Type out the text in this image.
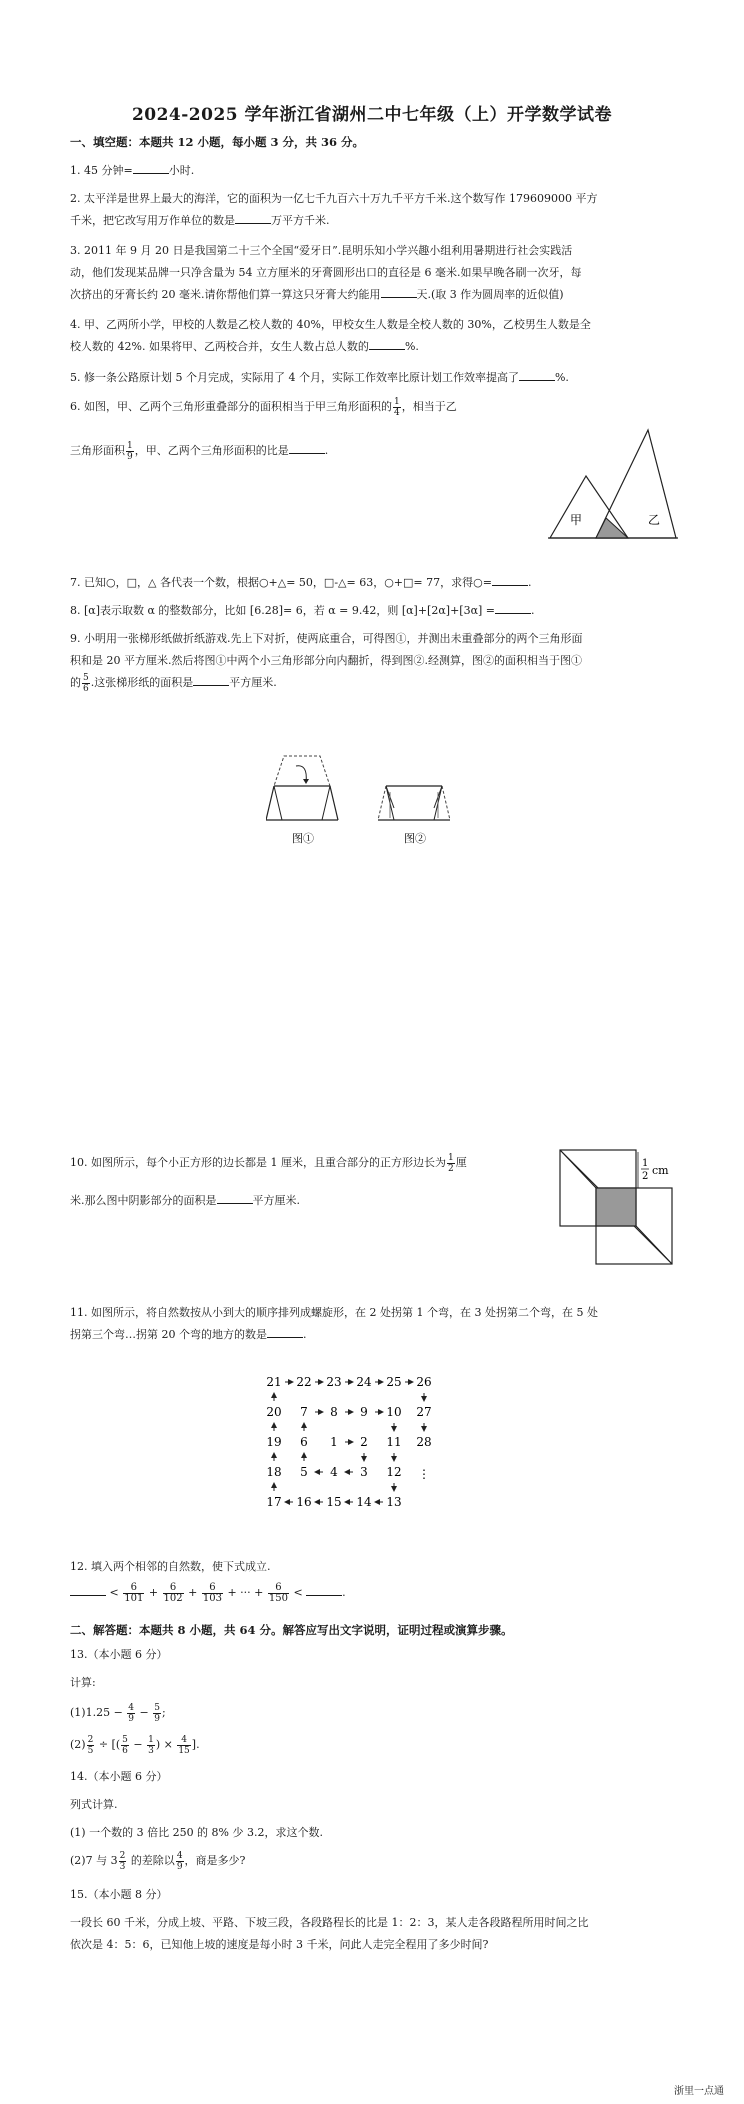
2024-2025 学年浙江省湖州二中七年级（上）开学数学试卷
一、填空题：本题共 12 小题，每小题 3 分，共 36 分。
1. 45 分钟=	小时.
2. 太平洋是世界上最大的海洋，它的面积为一亿七千九百六十万九千平方千米.这个数写作 179609000 平方
千米，把它改写用万作单位的数是	万平方千米.
3. 2011 年 9 月 20 日是我国第二十三个全国“爱牙日”.昆明乐知小学兴趣小组利用暑期进行社会实践活
动，他们发现某品牌一只净含量为 54 立方厘米的牙膏圆形出口的直径是 6 毫米.如果早晚各刷一次牙，每
次挤出的牙膏长约 20 毫米.请你帮他们算一算这只牙膏大约能用	天.(取 3 作为圆周率的近似值)
4. 甲、乙两所小学，甲校的人数是乙校人数的 40%，甲校女生人数是全校人数的 30%，乙校男生人数是全
校人数的 42%. 如果将甲、乙两校合并，女生人数占总人数的	%.
5. 修一条公路原计划 5 个月完成，实际用了 4 个月，实际工作效率比原计划工作效率提高了	%.
6. 如图，甲、乙两个三角形重叠部分的面积相当于甲三角形面积的 $\frac{1}{4}$ ，相当于乙
三角形面积 $\frac{1}{9}$ ，甲、乙两个三角形面积的比是	.
甲	乙
7. 已知○，□，△ 各代表一个数，根据○+△= 50，□-△= 63，○+□= 77，求得○=	.
8. [α]表示取数 α 的整数部分，比如 [6.28]= 6，若 α = 9.42，则 [α]+[2α]+[3α] =	.
9. 小明用一张梯形纸做折纸游戏.先上下对折，使两底重合，可得图①，并测出未重叠部分的两个三角形面
积和是 20 平方厘米.然后将图①中两个小三角形部分向内翻折，得到图②.经测算，图②的面积相当于图①
的 $\frac{5}{6}$ .这张梯形纸的面积是	平方厘米.
图①	图②
10. 如图所示，每个小正方形的边长都是 1 厘米，且重合部分的正方形边长为 $\frac{1}{2}$ 厘
米.那么图中阴影部分的面积是	平方厘米.
1
2 cm
11. 如图所示，将自然数按从小到大的顺序排列成螺旋形，在 2 处拐第 1 个弯，在 3 处拐第二个弯，在 5 处
拐第三个弯…拐第 20 个弯的地方的数是	.
1 2
3
4
5
6
7 8 9 10
11
12
13
14
15
16
17
18
19
20
21 22 23 24 25 26
27
28
⋮
12. 填入两个相邻的自然数，使下式成立.
< $\frac{6}{101} + \frac{6}{102} + \frac{6}{103}$ + ··· + $\frac{6}{150}$ <	.
二、解答题：本题共 8 小题，共 64 分。解答应写出文字说明，证明过程或演算步骤。
13.（本小题 6 分）
计算:
$(1)1.25 - \frac{4}{9} - \frac{5}{9}$ ;
$(2) \frac{2}{5}$ ÷ [( $\frac{5}{6} - \frac{1}{3}$ ) × $\frac{4}{15}$ ].
14.（本小题 6 分）
列式计算.
(1) 一个数的 3 倍比 250 的 8% 少 3.2，求这个数.
(2)7 与 $3 \frac{2}{3}$ 的差除以 $\frac{4}{9}$ ，商是多少?
15.（本小题 8 分）
一段长 60 千米，分成上坡、平路、下坡三段，各段路程长的比是 1：2：3，某人走各段路程所用时间之比
依次是 4：5：6，已知他上坡的速度是每小时 3 千米，问此人走完全程用了多少时间?
浙里一点通
